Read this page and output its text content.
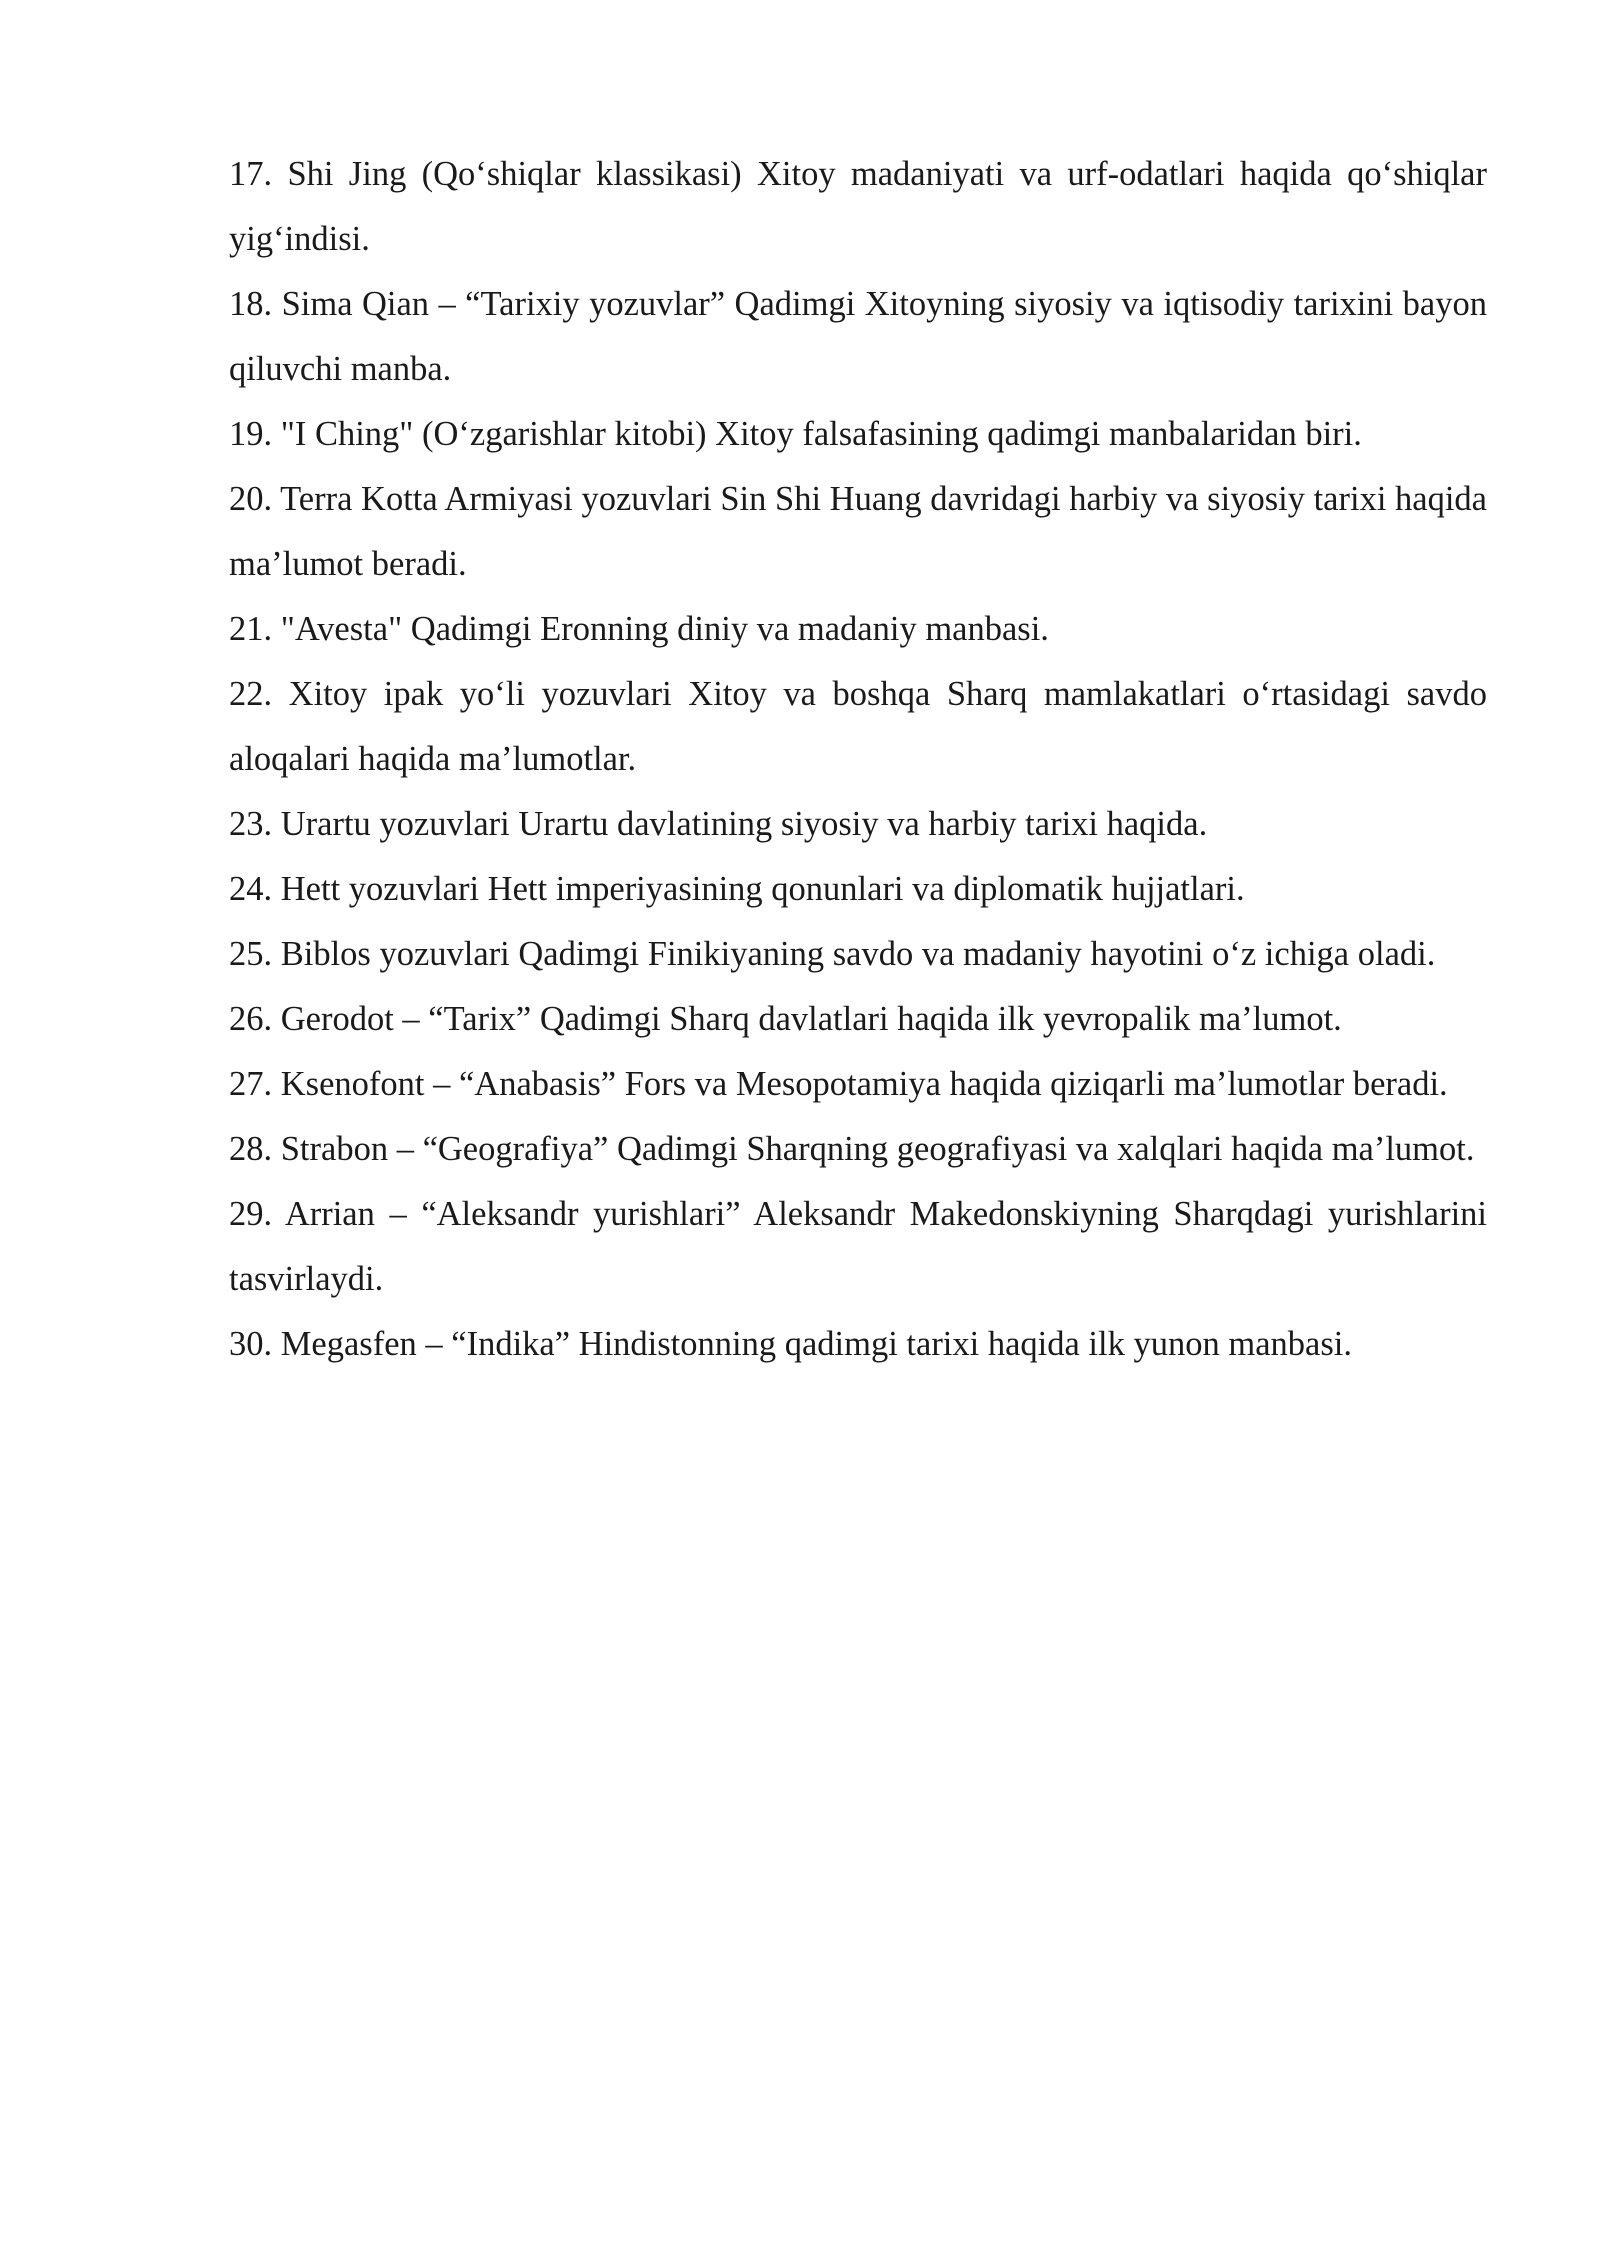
17. Shi Jing (Qo‘shiqlar klassikasi) Xitoy madaniyati va urf-odatlari haqida qo‘shiqlar yig‘indisi.

18. Sima Qian – “Tarixiy yozuvlar” Qadimgi Xitoyning siyosiy va iqtisodiy tarixini bayon qiluvchi manba.

19. "I Ching" (O‘zgarishlar kitobi) Xitoy falsafasining qadimgi manbalaridan biri.

20. Terra Kotta Armiyasi yozuvlari Sin Shi Huang davridagi harbiy va siyosiy tarixi haqida ma’lumot beradi.

21. "Avesta" Qadimgi Eronning diniy va madaniy manbasi.

22. Xitoy ipak yo‘li yozuvlari Xitoy va boshqa Sharq mamlakatlari o‘rtasidagi savdo aloqalari haqida ma’lumotlar.

23. Urartu yozuvlari Urartu davlatining siyosiy va harbiy tarixi haqida.

24. Hett yozuvlari Hett imperiyasining qonunlari va diplomatik hujjatlari.

25. Biblos yozuvlari Qadimgi Finikiyaning savdo va madaniy hayotini o‘z ichiga oladi.

26. Gerodot – “Tarix” Qadimgi Sharq davlatlari haqida ilk yevropalik ma’lumot.

27. Ksenofont – “Anabasis” Fors va Mesopotamiya haqida qiziqarli ma’lumotlar beradi.

28. Strabon – “Geografiya” Qadimgi Sharqning geografiyasi va xalqlari haqida ma’lumot.

29. Arrian – “Aleksandr yurishlari” Aleksandr Makedonskiyning Sharqdagi yurishlarini tasvirlaydi.

30. Megasfen – “Indika” Hindistonning qadimgi tarixi haqida ilk yunon manbasi.
